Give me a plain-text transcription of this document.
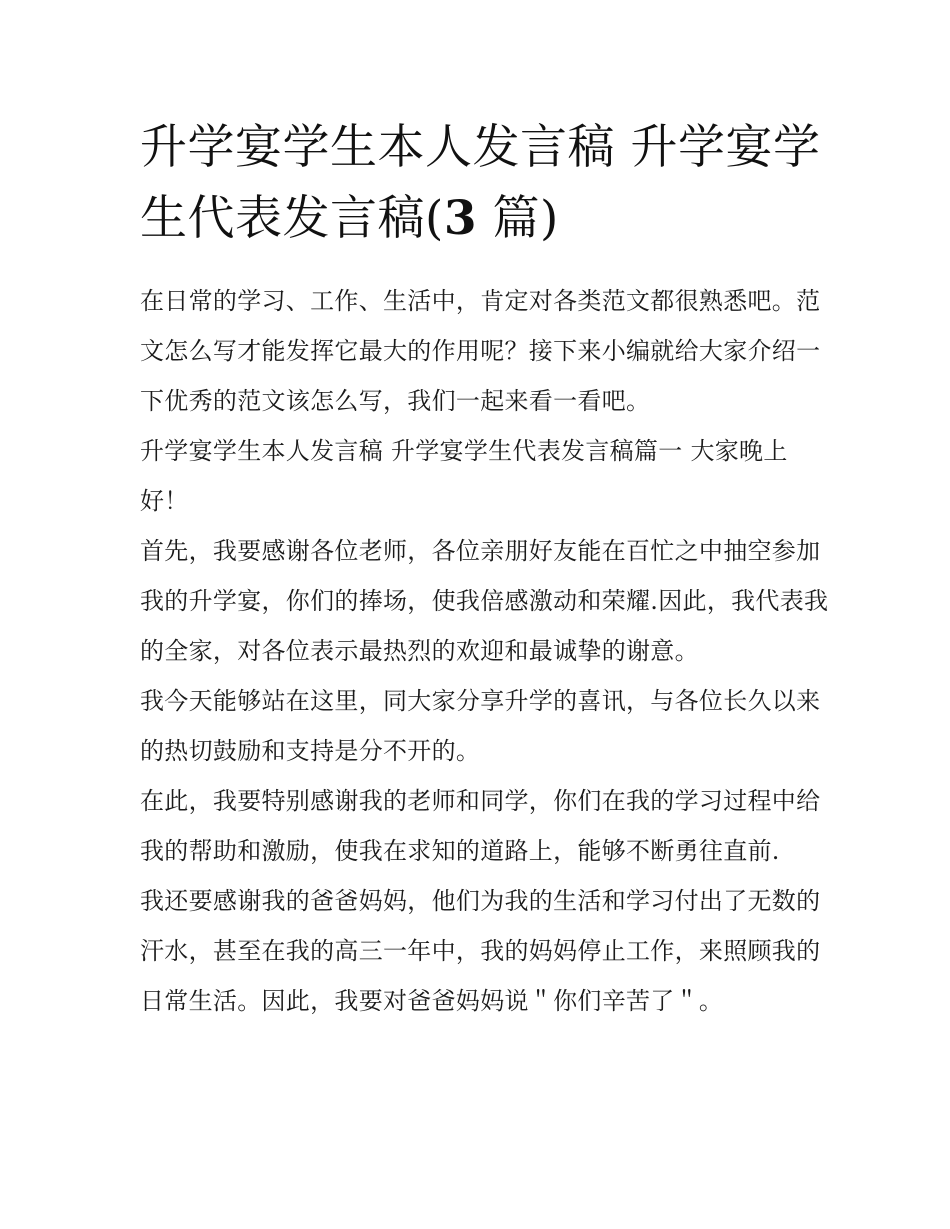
升学宴学生本人发言稿 升学宴学生代表发言稿(3 篇)

在日常的学习、工作、生活中，肯定对各类范文都很熟悉吧。范文怎么写才能发挥它最大的作用呢？接下来小编就给大家介绍一下优秀的范文该怎么写，我们一起来看一看吧。

升学宴学生本人发言稿 升学宴学生代表发言稿篇一 大家晚上好！

首先，我要感谢各位老师，各位亲朋好友能在百忙之中抽空参加我的升学宴，你们的捧场，使我倍感激动和荣耀.因此，我代表我的全家，对各位表示最热烈的欢迎和最诚挚的谢意。

我今天能够站在这里，同大家分享升学的喜讯，与各位长久以来的热切鼓励和支持是分不开的。

在此，我要特别感谢我的老师和同学，你们在我的学习过程中给我的帮助和激励，使我在求知的道路上，能够不断勇往直前.

我还要感谢我的爸爸妈妈，他们为我的生活和学习付出了无数的汗水，甚至在我的高三一年中，我的妈妈停止工作，来照顾我的日常生活。因此，我要对爸爸妈妈说＂你们辛苦了＂。
